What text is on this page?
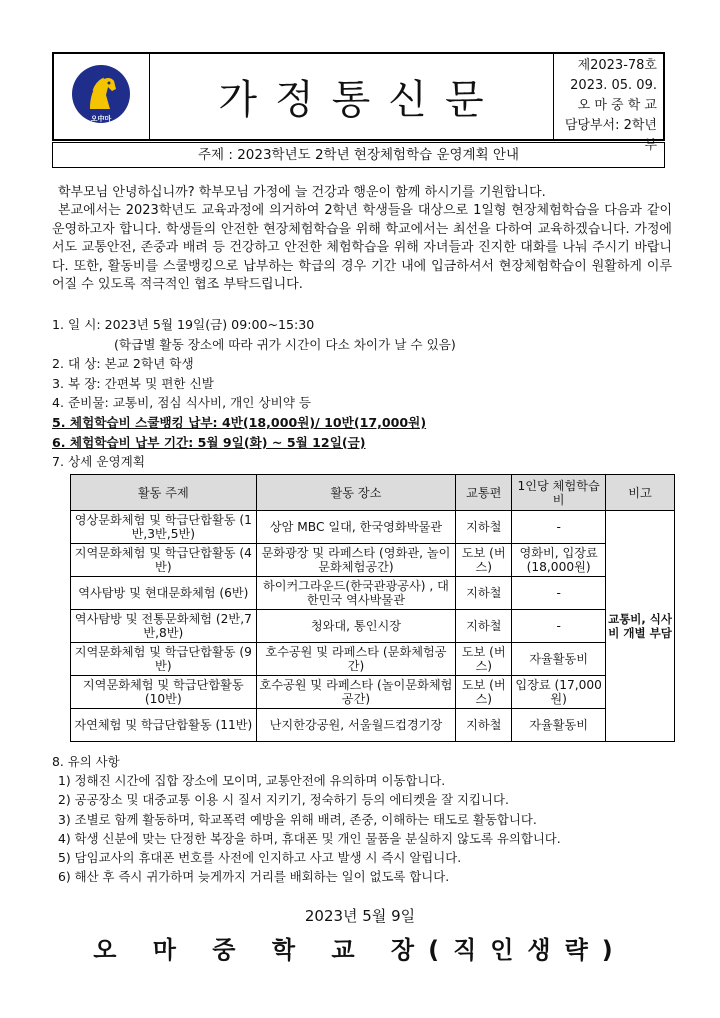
오中마	가정통신문
제2023-78호
2023. 05. 09.
오 마 중 학 교
담당부서: 2학년부
주제 : 2023학년도 2학년 현장체험학습 운영계획 안내

학부모님 안녕하십니까? 학부모님 가정에 늘 건강과 행운이 함께 하시기를 기원합니다.

본교에서는 2023학년도 교육과정에 의거하여 2학년 학생들을 대상으로 1일형 현장체험학습을 다음과 같이 운영하고자 합니다. 학생들의 안전한 현장체험학습을 위해 학교에서는 최선을 다하여 교육하겠습니다. 가정에서도 교통안전, 존중과 배려 등 건강하고 안전한 체험학습을 위해 자녀들과 진지한 대화를 나눠 주시기 바랍니다. 또한, 활동비를 스쿨뱅킹으로 납부하는 학급의 경우 기간 내에 입금하셔서 현장체험학습이 원활하게 이루어질 수 있도록 적극적인 협조 부탁드립니다.

1. 일 시: 2023년 5월 19일(금) 09:00~15:30
(학급별 활동 장소에 따라 귀가 시간이 다소 차이가 날 수 있음)
2. 대 상: 본교 2학년 학생
3. 복 장: 간편복 및 편한 신발
4. 준비물: 교통비, 점심 식사비, 개인 상비약 등
5. 체험학습비 스쿨뱅킹 납부: 4반(18,000원)/ 10반(17,000원)
6. 체험학습비 납부 기간: 5월 9일(화) ~ 5월 12일(금)
7. 상세 운영계획
활동 주제	활동 장소	교통편	1인당 체험학습비	비고
영상문화체험 및 학급단합활동 (1반,3반,5반)	상암 MBC 일대, 한국영화박물관	지하철	-	교통비, 식사비 개별 부담
지역문화체험 및 학급단합활동 (4반)	문화광장 및 라페스타 (영화관, 놀이문화체험공간)	도보 (버스)	영화비, 입장료 (18,000원)	
역사탐방 및 현대문화체험 (6반)	하이커그라운드(한국관광공사) , 대한민국 역사박물관	지하철	-	
역사탐방 및 전통문화체험 (2반,7반,8반)	청와대, 통인시장	지하철	-	
지역문화체험 및 학급단합활동 (9반)	호수공원 및 라페스타 (문화체험공간)	도보 (버스)	자율활동비	
지역문화체험 및 학급단합활동 (10반)	호수공원 및 라페스타 (놀이문화체험공간)	도보 (버스)	입장료 (17,000원)	
자연체험 및 학급단합활동 (11반)	난지한강공원, 서울월드컵경기장	지하철	자율활동비	
8. 유의 사항
1) 정해진 시간에 집합 장소에 모이며, 교통안전에 유의하며 이동합니다.
2) 공공장소 및 대중교통 이용 시 질서 지키기, 정숙하기 등의 에티켓을 잘 지킵니다.
3) 조별로 함께 활동하며, 학교폭력 예방을 위해 배려, 존중, 이해하는 태도로 활동합니다.
4) 학생 신분에 맞는 단정한 복장을 하며, 휴대폰 및 개인 물품을 분실하지 않도록 유의합니다.
5) 담임교사의 휴대폰 번호를 사전에 인지하고 사고 발생 시 즉시 알립니다.
6) 해산 후 즉시 귀가하며 늦게까지 거리를 배회하는 일이 없도록 합니다.
2023년 5월 9일
오 마 중 학 교 장(직인생략)
